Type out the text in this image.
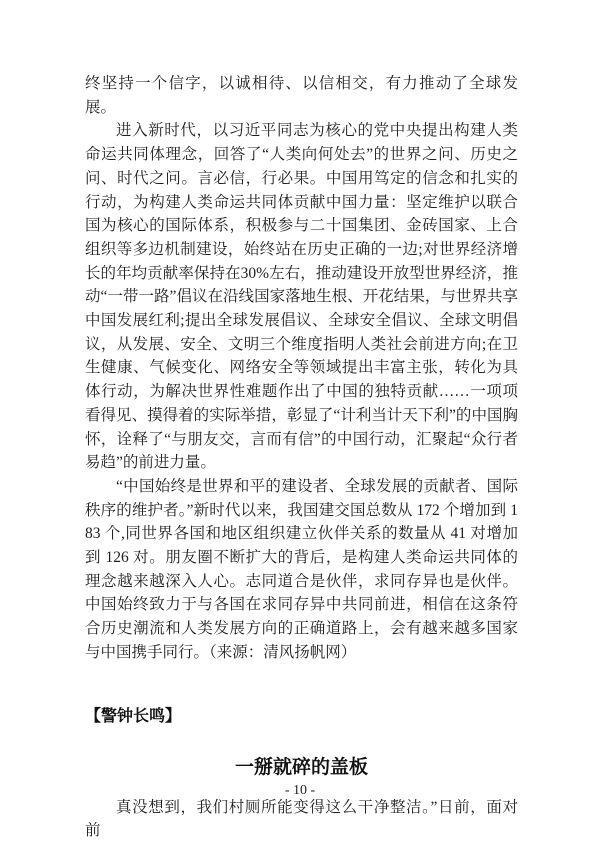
终坚持一个信字，以诚相待、以信相交，有力推动了全球发展。

进入新时代，以习近平同志为核心的党中央提出构建人类命运共同体理念，回答了“人类向何处去”的世界之问、历史之问、时代之问。言必信，行必果。中国用笃定的信念和扎实的行动，为构建人类命运共同体贡献中国力量：坚定维护以联合国为核心的国际体系，积极参与二十国集团、金砖国家、上合组织等多边机制建设，始终站在历史正确的一边;对世界经济增长的年均贡献率保持在30%左右，推动建设开放型世界经济，推动“一带一路”倡议在沿线国家落地生根、开花结果，与世界共享中国发展红利;提出全球发展倡议、全球安全倡议、全球文明倡议，从发展、安全、文明三个维度指明人类社会前进方向;在卫生健康、气候变化、网络安全等领域提出丰富主张，转化为具体行动，为解决世界性难题作出了中国的独特贡献……一项项看得见、摸得着的实际举措，彰显了“计利当计天下利”的中国胸怀，诠释了“与朋友交，言而有信”的中国行动，汇聚起“众行者易趋”的前进力量。

“中国始终是世界和平的建设者、全球发展的贡献者、国际秩序的维护者。”新时代以来，我国建交国总数从 172 个增加到 183 个,同世界各国和地区组织建立伙伴关系的数量从 41 对增加到 126 对。朋友圈不断扩大的背后，是构建人类命运共同体的理念越来越深入人心。志同道合是伙伴，求同存异也是伙伴。中国始终致力于与各国在求同存异中共同前进，相信在这条符合历史潮流和人类发展方向的正确道路上，会有越来越多国家与中国携手同行。（来源：清风扬帆网）

【警钟长鸣】

一掰就碎的盖板

真没想到，我们村厕所能变得这么干净整洁。”日前，面对前

- 10 -
